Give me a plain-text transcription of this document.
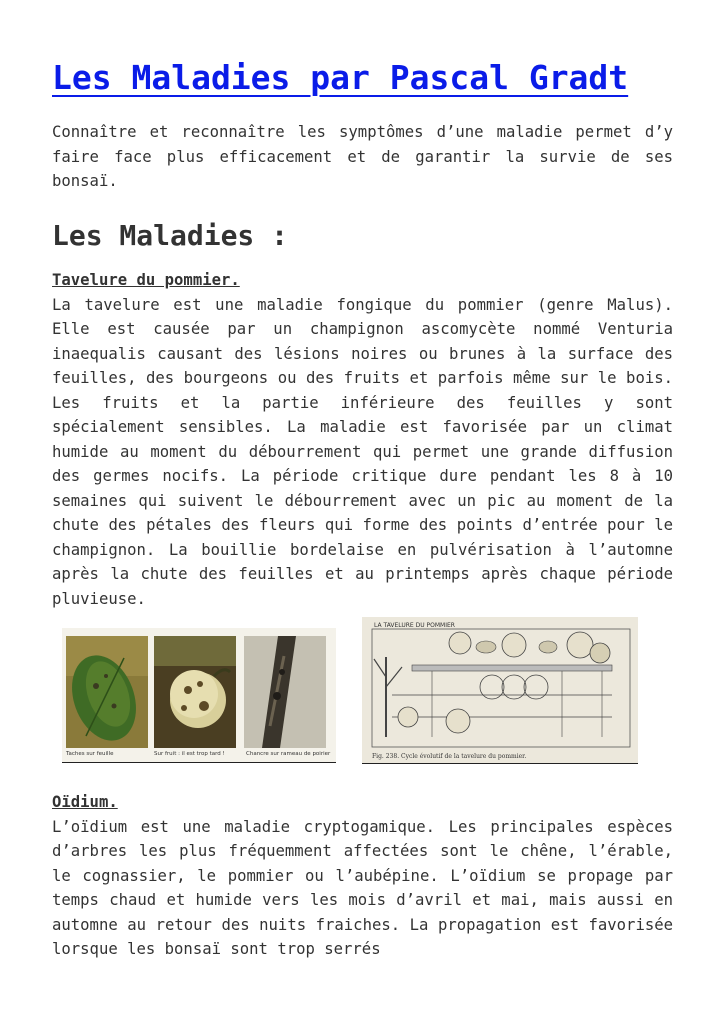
Les Maladies par Pascal Gradt

Connaître et reconnaître les symptômes d’une maladie permet d’y faire face plus efficacement et de garantir la survie de ses bonsaï.

Les Maladies :

Tavelure du pommier.
La tavelure est une maladie fongique du pommier (genre Malus). Elle est causée par un champignon ascomycète nommé Venturia inaequalis causant des lésions noires ou brunes à la surface des feuilles, des bourgeons ou des fruits et parfois même sur le bois. Les fruits et la partie inférieure des feuilles y sont spécialement sensibles. La maladie est favorisée par un climat humide au moment du débourrement qui permet une grande diffusion des germes nocifs. La période critique dure pendant les 8 à 10 semaines qui suivent le débourrement avec un pic au moment de la chute des pétales des fleurs qui forme des points d’entrée pour le champignon. La bouillie bordelaise en pulvérisation à l’automne après la chute des feuilles et au printemps après chaque période pluvieuse.

Oïdium.
L’oïdium est une maladie cryptogamique. Les principales espèces d’arbres les plus fréquemment affectées sont le chêne, l’érable, le cognassier, le pommier ou l’aubépine. L’oïdium se propage par temps chaud et humide vers les mois d’avril et mai, mais aussi en automne au retour des nuits fraiches. La propagation est favorisée lorsque les bonsaï sont trop serrés

Taches sur feuille	Sur fruit : il est trop tard !	Chancre sur rameau de poirier
LA TAVELURE DU POMMIER
Fig. 238. Cycle évolutif de la tavelure du pommier.
